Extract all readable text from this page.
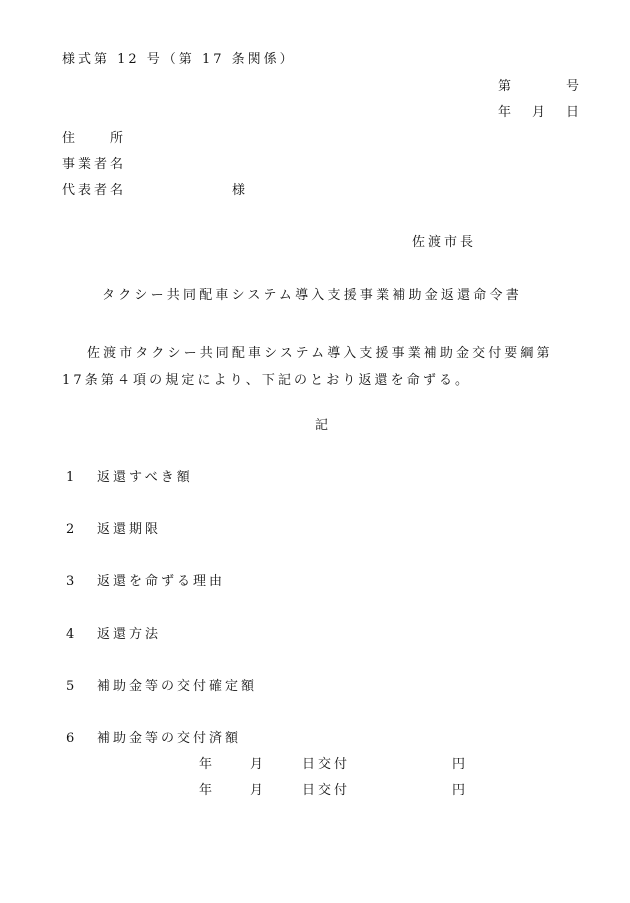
様式第 12 号（第 17 条関係）
第	号
年 月 日
住　　所
事業者名
代表者名	様
佐渡市長
タクシー共同配車システム導入支援事業補助金返還命令書
佐渡市タクシー共同配車システム導入支援事業補助金交付要綱第
17条第４項の規定により、下記のとおり返還を命ずる。
記
1 返還すべき額
2 返還期限
3 返還を命ずる理由
4 返還方法
5 補助金等の交付確定額
6 補助金等の交付済額
年	月	日交付	円
年	月	日交付	円
